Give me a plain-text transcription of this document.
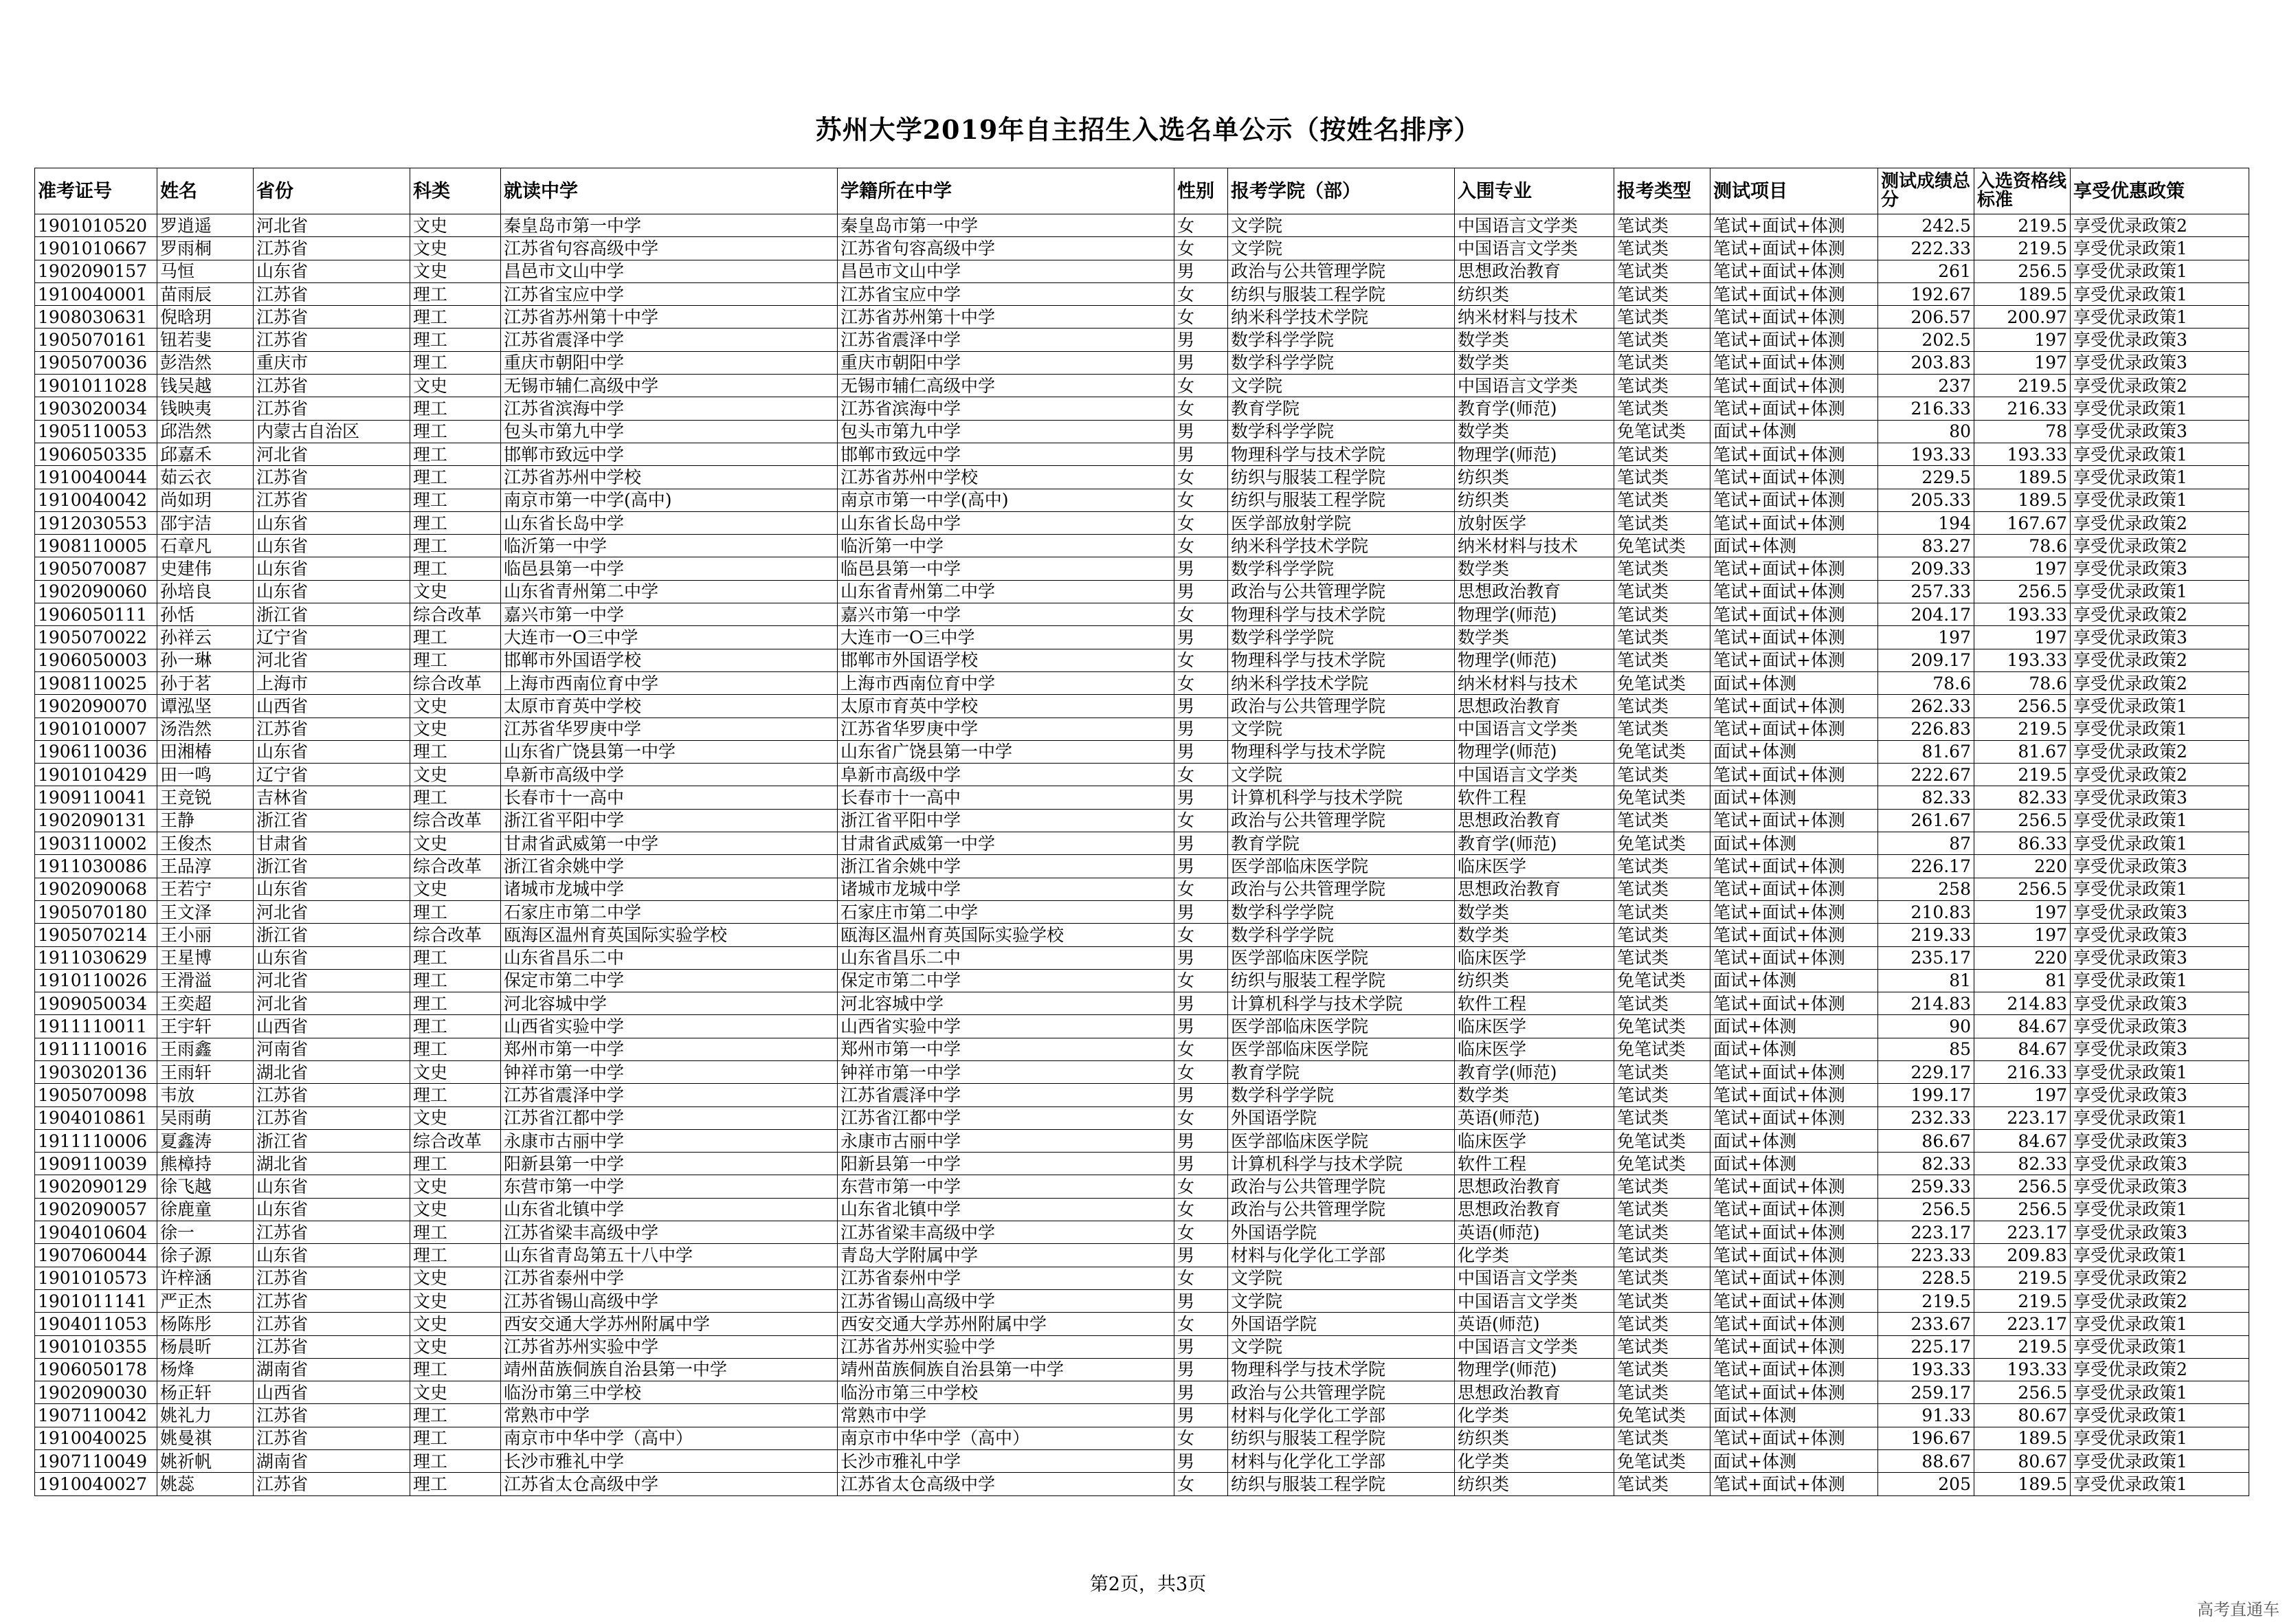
苏州大学2019年自主招生入选名单公示（按姓名排序）
准考证号	姓名	省份	科类	就读中学	学籍所在中学	性别	报考学院（部）	入围专业	报考类型	测试项目	测试成绩总分	入选资格线标准	享受优惠政策
1901010520	罗逍遥	河北省	文史	秦皇岛市第一中学	秦皇岛市第一中学	女	文学院	中国语言文学类	笔试类	笔试+面试+体测	242.5	219.5	享受优录政策2
1901010667	罗雨桐	江苏省	文史	江苏省句容高级中学	江苏省句容高级中学	女	文学院	中国语言文学类	笔试类	笔试+面试+体测	222.33	219.5	享受优录政策1
1902090157	马恒	山东省	文史	昌邑市文山中学	昌邑市文山中学	男	政治与公共管理学院	思想政治教育	笔试类	笔试+面试+体测	261	256.5	享受优录政策1
1910040001	苗雨辰	江苏省	理工	江苏省宝应中学	江苏省宝应中学	女	纺织与服装工程学院	纺织类	笔试类	笔试+面试+体测	192.67	189.5	享受优录政策1
1908030631	倪晗玥	江苏省	理工	江苏省苏州第十中学	江苏省苏州第十中学	女	纳米科学技术学院	纳米材料与技术	笔试类	笔试+面试+体测	206.57	200.97	享受优录政策1
1905070161	钮若斐	江苏省	理工	江苏省震泽中学	江苏省震泽中学	男	数学科学学院	数学类	笔试类	笔试+面试+体测	202.5	197	享受优录政策3
1905070036	彭浩然	重庆市	理工	重庆市朝阳中学	重庆市朝阳中学	男	数学科学学院	数学类	笔试类	笔试+面试+体测	203.83	197	享受优录政策3
1901011028	钱吴越	江苏省	文史	无锡市辅仁高级中学	无锡市辅仁高级中学	女	文学院	中国语言文学类	笔试类	笔试+面试+体测	237	219.5	享受优录政策2
1903020034	钱映夷	江苏省	理工	江苏省滨海中学	江苏省滨海中学	女	教育学院	教育学(师范)	笔试类	笔试+面试+体测	216.33	216.33	享受优录政策1
1905110053	邱浩然	内蒙古自治区	理工	包头市第九中学	包头市第九中学	男	数学科学学院	数学类	免笔试类	面试+体测	80	78	享受优录政策3
1906050335	邱嘉禾	河北省	理工	邯郸市致远中学	邯郸市致远中学	男	物理科学与技术学院	物理学(师范)	笔试类	笔试+面试+体测	193.33	193.33	享受优录政策1
1910040044	茹云衣	江苏省	理工	江苏省苏州中学校	江苏省苏州中学校	女	纺织与服装工程学院	纺织类	笔试类	笔试+面试+体测	229.5	189.5	享受优录政策1
1910040042	尚如玥	江苏省	理工	南京市第一中学(高中)	南京市第一中学(高中)	女	纺织与服装工程学院	纺织类	笔试类	笔试+面试+体测	205.33	189.5	享受优录政策1
1912030553	邵宇洁	山东省	理工	山东省长岛中学	山东省长岛中学	女	医学部放射学院	放射医学	笔试类	笔试+面试+体测	194	167.67	享受优录政策2
1908110005	石章凡	山东省	理工	临沂第一中学	临沂第一中学	女	纳米科学技术学院	纳米材料与技术	免笔试类	面试+体测	83.27	78.6	享受优录政策2
1905070087	史建伟	山东省	理工	临邑县第一中学	临邑县第一中学	男	数学科学学院	数学类	笔试类	笔试+面试+体测	209.33	197	享受优录政策3
1902090060	孙培良	山东省	文史	山东省青州第二中学	山东省青州第二中学	男	政治与公共管理学院	思想政治教育	笔试类	笔试+面试+体测	257.33	256.5	享受优录政策1
1906050111	孙恬	浙江省	综合改革	嘉兴市第一中学	嘉兴市第一中学	女	物理科学与技术学院	物理学(师范)	笔试类	笔试+面试+体测	204.17	193.33	享受优录政策2
1905070022	孙祥云	辽宁省	理工	大连市一O三中学	大连市一O三中学	男	数学科学学院	数学类	笔试类	笔试+面试+体测	197	197	享受优录政策3
1906050003	孙一琳	河北省	理工	邯郸市外国语学校	邯郸市外国语学校	女	物理科学与技术学院	物理学(师范)	笔试类	笔试+面试+体测	209.17	193.33	享受优录政策2
1908110025	孙于茗	上海市	综合改革	上海市西南位育中学	上海市西南位育中学	女	纳米科学技术学院	纳米材料与技术	免笔试类	面试+体测	78.6	78.6	享受优录政策2
1902090070	谭泓坚	山西省	文史	太原市育英中学校	太原市育英中学校	男	政治与公共管理学院	思想政治教育	笔试类	笔试+面试+体测	262.33	256.5	享受优录政策1
1901010007	汤浩然	江苏省	文史	江苏省华罗庚中学	江苏省华罗庚中学	男	文学院	中国语言文学类	笔试类	笔试+面试+体测	226.83	219.5	享受优录政策1
1906110036	田湘椿	山东省	理工	山东省广饶县第一中学	山东省广饶县第一中学	男	物理科学与技术学院	物理学(师范)	免笔试类	面试+体测	81.67	81.67	享受优录政策2
1901010429	田一鸣	辽宁省	文史	阜新市高级中学	阜新市高级中学	女	文学院	中国语言文学类	笔试类	笔试+面试+体测	222.67	219.5	享受优录政策2
1909110041	王竞锐	吉林省	理工	长春市十一高中	长春市十一高中	男	计算机科学与技术学院	软件工程	免笔试类	面试+体测	82.33	82.33	享受优录政策3
1902090131	王静	浙江省	综合改革	浙江省平阳中学	浙江省平阳中学	女	政治与公共管理学院	思想政治教育	笔试类	笔试+面试+体测	261.67	256.5	享受优录政策1
1903110002	王俊杰	甘肃省	文史	甘肃省武威第一中学	甘肃省武威第一中学	男	教育学院	教育学(师范)	免笔试类	面试+体测	87	86.33	享受优录政策1
1911030086	王品淳	浙江省	综合改革	浙江省余姚中学	浙江省余姚中学	男	医学部临床医学院	临床医学	笔试类	笔试+面试+体测	226.17	220	享受优录政策3
1902090068	王若宁	山东省	文史	诸城市龙城中学	诸城市龙城中学	女	政治与公共管理学院	思想政治教育	笔试类	笔试+面试+体测	258	256.5	享受优录政策1
1905070180	王文泽	河北省	理工	石家庄市第二中学	石家庄市第二中学	男	数学科学学院	数学类	笔试类	笔试+面试+体测	210.83	197	享受优录政策3
1905070214	王小丽	浙江省	综合改革	瓯海区温州育英国际实验学校	瓯海区温州育英国际实验学校	女	数学科学学院	数学类	笔试类	笔试+面试+体测	219.33	197	享受优录政策3
1911030629	王星博	山东省	理工	山东省昌乐二中	山东省昌乐二中	男	医学部临床医学院	临床医学	笔试类	笔试+面试+体测	235.17	220	享受优录政策3
1910110026	王滑溢	河北省	理工	保定市第二中学	保定市第二中学	女	纺织与服装工程学院	纺织类	免笔试类	面试+体测	81	81	享受优录政策1
1909050034	王奕超	河北省	理工	河北容城中学	河北容城中学	男	计算机科学与技术学院	软件工程	笔试类	笔试+面试+体测	214.83	214.83	享受优录政策3
1911110011	王宇轩	山西省	理工	山西省实验中学	山西省实验中学	男	医学部临床医学院	临床医学	免笔试类	面试+体测	90	84.67	享受优录政策3
1911110016	王雨鑫	河南省	理工	郑州市第一中学	郑州市第一中学	女	医学部临床医学院	临床医学	免笔试类	面试+体测	85	84.67	享受优录政策3
1903020136	王雨轩	湖北省	文史	钟祥市第一中学	钟祥市第一中学	女	教育学院	教育学(师范)	笔试类	笔试+面试+体测	229.17	216.33	享受优录政策1
1905070098	韦放	江苏省	理工	江苏省震泽中学	江苏省震泽中学	男	数学科学学院	数学类	笔试类	笔试+面试+体测	199.17	197	享受优录政策3
1904010861	吴雨萌	江苏省	文史	江苏省江都中学	江苏省江都中学	女	外国语学院	英语(师范)	笔试类	笔试+面试+体测	232.33	223.17	享受优录政策1
1911110006	夏鑫涛	浙江省	综合改革	永康市古丽中学	永康市古丽中学	男	医学部临床医学院	临床医学	免笔试类	面试+体测	86.67	84.67	享受优录政策3
1909110039	熊樟持	湖北省	理工	阳新县第一中学	阳新县第一中学	男	计算机科学与技术学院	软件工程	免笔试类	面试+体测	82.33	82.33	享受优录政策3
1902090129	徐飞越	山东省	文史	东营市第一中学	东营市第一中学	女	政治与公共管理学院	思想政治教育	笔试类	笔试+面试+体测	259.33	256.5	享受优录政策3
1902090057	徐鹿童	山东省	文史	山东省北镇中学	山东省北镇中学	女	政治与公共管理学院	思想政治教育	笔试类	笔试+面试+体测	256.5	256.5	享受优录政策1
1904010604	徐一	江苏省	理工	江苏省梁丰高级中学	江苏省梁丰高级中学	女	外国语学院	英语(师范)	笔试类	笔试+面试+体测	223.17	223.17	享受优录政策3
1907060044	徐子源	山东省	理工	山东省青岛第五十八中学	青岛大学附属中学	男	材料与化学化工学部	化学类	笔试类	笔试+面试+体测	223.33	209.83	享受优录政策1
1901010573	许梓涵	江苏省	文史	江苏省泰州中学	江苏省泰州中学	女	文学院	中国语言文学类	笔试类	笔试+面试+体测	228.5	219.5	享受优录政策2
1901011141	严正杰	江苏省	文史	江苏省锡山高级中学	江苏省锡山高级中学	男	文学院	中国语言文学类	笔试类	笔试+面试+体测	219.5	219.5	享受优录政策2
1904011053	杨陈彤	江苏省	文史	西安交通大学苏州附属中学	西安交通大学苏州附属中学	女	外国语学院	英语(师范)	笔试类	笔试+面试+体测	233.67	223.17	享受优录政策1
1901010355	杨晨昕	江苏省	文史	江苏省苏州实验中学	江苏省苏州实验中学	男	文学院	中国语言文学类	笔试类	笔试+面试+体测	225.17	219.5	享受优录政策1
1906050178	杨烽	湖南省	理工	靖州苗族侗族自治县第一中学	靖州苗族侗族自治县第一中学	男	物理科学与技术学院	物理学(师范)	笔试类	笔试+面试+体测	193.33	193.33	享受优录政策2
1902090030	杨正轩	山西省	文史	临汾市第三中学校	临汾市第三中学校	男	政治与公共管理学院	思想政治教育	笔试类	笔试+面试+体测	259.17	256.5	享受优录政策1
1907110042	姚礼力	江苏省	理工	常熟市中学	常熟市中学	男	材料与化学化工学部	化学类	免笔试类	面试+体测	91.33	80.67	享受优录政策1
1910040025	姚曼祺	江苏省	理工	南京市中华中学（高中）	南京市中华中学（高中）	女	纺织与服装工程学院	纺织类	笔试类	笔试+面试+体测	196.67	189.5	享受优录政策1
1907110049	姚祈帆	湖南省	理工	长沙市雅礼中学	长沙市雅礼中学	男	材料与化学化工学部	化学类	免笔试类	面试+体测	88.67	80.67	享受优录政策1
1910040027	姚蕊	江苏省	理工	江苏省太仓高级中学	江苏省太仓高级中学	女	纺织与服装工程学院	纺织类	笔试类	笔试+面试+体测	205	189.5	享受优录政策1
第2页，共3页
高考直通车
